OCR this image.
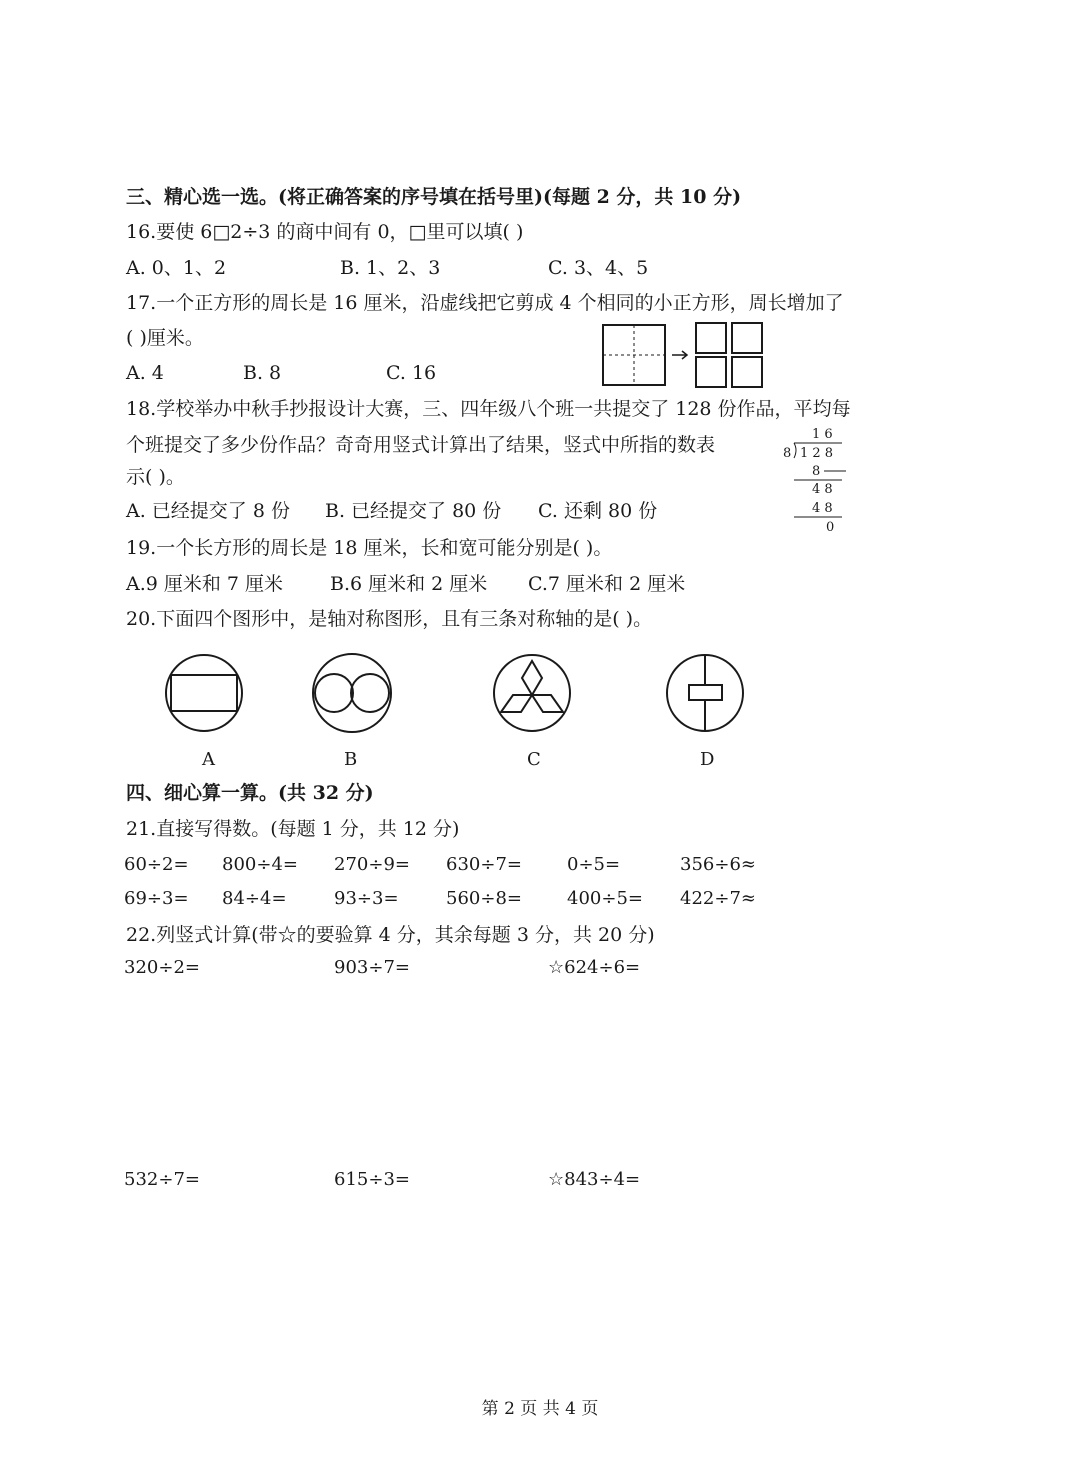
三、精心选一选。(将正确答案的序号填在括号里)(每题 2 分，共 10 分)
16.要使 6□2÷3 的商中间有 0，□里可以填( )
A. 0、1、2	B. 1、2、3	C. 3、4、5
17.一个正方形的周长是 16 厘米，沿虚线把它剪成 4 个相同的小正方形，周长增加了
( )厘米。
A. 4	B. 8	C. 16
18.学校举办中秋手抄报设计大赛，三、四年级八个班一共提交了 128 份作品，平均每
个班提交了多少份作品？奇奇用竖式计算出了结果，竖式中所指的数表
示( )。
A. 已经提交了 8 份 B. 已经提交了 80 份 C. 还剩 80 份
1 6
8 1 2 8
8
4 8
4 8
0
19.一个长方形的周长是 18 厘米，长和宽可能分别是( )。
A.9 厘米和 7 厘米 B.6 厘米和 2 厘米 C.7 厘米和 2 厘米
20.下面四个图形中，是轴对称图形，且有三条对称轴的是( )。
A	B	C	D
四、细心算一算。(共 32 分)
21.直接写得数。(每题 1 分，共 12 分)
60÷2= 800÷4= 270÷9= 630÷7=	0÷5=	356÷6≈
69÷3= 84÷4=	93÷3=	560÷8=	400÷5= 422÷7≈
22.列竖式计算(带☆的要验算 4 分，其余每题 3 分，共 20 分)
320÷2=	903÷7=	☆624÷6=
532÷7=	615÷3=	☆843÷4=
第 2 页 共 4 页
